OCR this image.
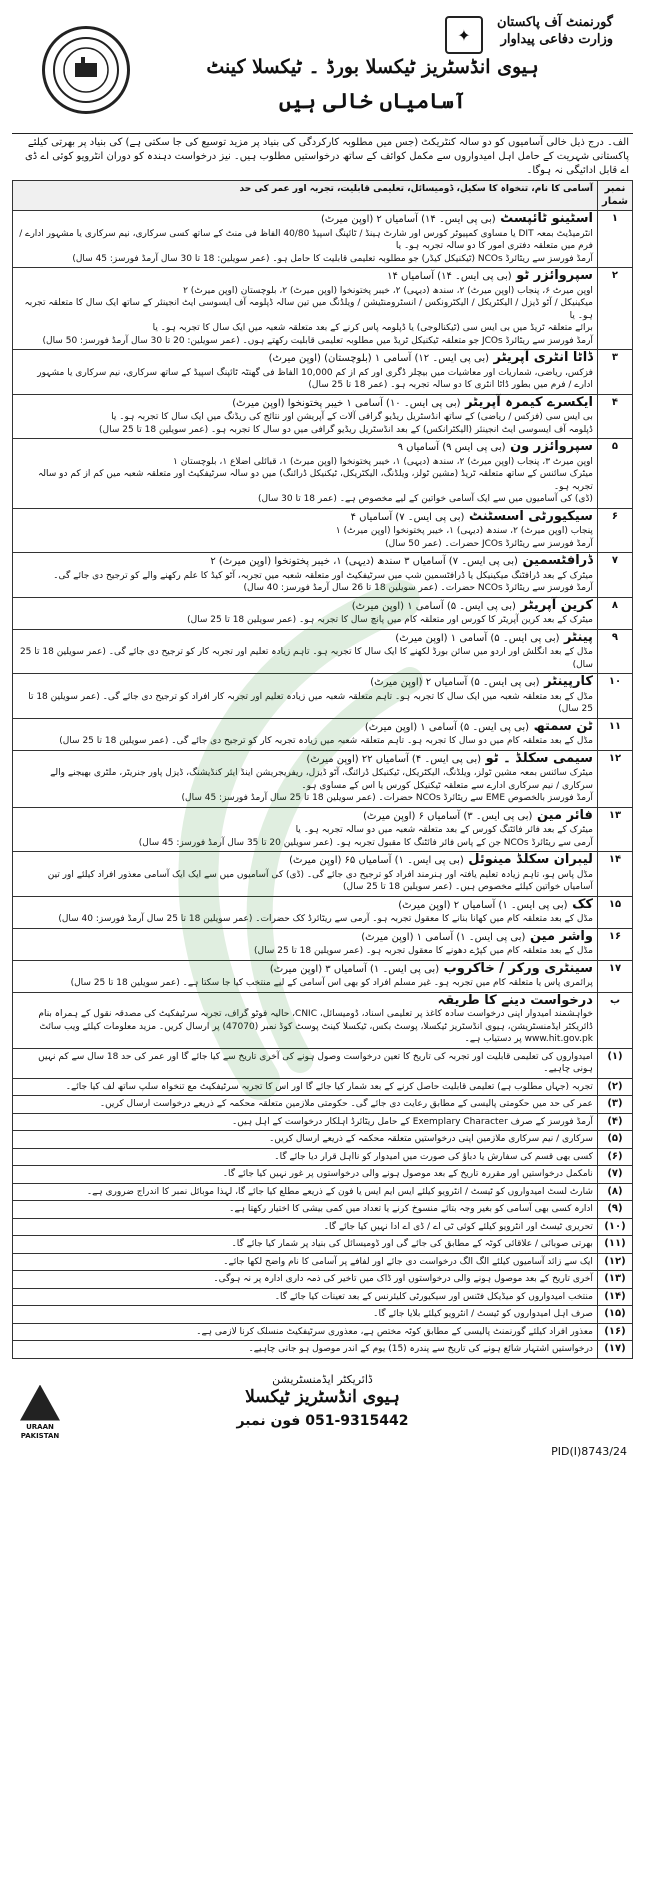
✦
گورنمنٹ آف پاکستان
وزارت دفاعی پیداوار
ہیوی انڈسٹریز ٹیکسلا بورڈ ۔ ٹیکسلا کینٹ
آسامیاں خالی ہیں
الف۔ درج ذیل خالی آسامیوں کو دو سالہ کنٹریکٹ (جس میں مطلوبہ کارکردگی کی بنیاد پر مزید توسیع کی جا سکتی ہے) کی بنیاد پر بھرتی کیلئے پاکستانی شہریت کے حامل اہل امیدواروں سے مکمل کوائف کے ساتھ درخواستیں مطلوب ہیں۔ نیز درخواست دہندہ کو دوران انٹرویو کوئی اے ڈی اے قابل ادائیگی نہ ہوگا۔
نمبر شمار	آسامی کا نام، تنخواہ کا سکیل، ڈومیسائل، تعلیمی قابلیت، تجربہ اور عمر کی حد
۱	اسٹینو ٹائپسٹ (بی پی ایس۔ ۱۴) آسامیاں ۲ (اوپن میرٹ)
انٹرمیڈیٹ بمعہ DIT یا مساوی کمپیوٹر کورس اور شارٹ ہینڈ / ٹائپنگ اسپیڈ 40/80 الفاظ فی منٹ کے ساتھ کسی سرکاری، نیم سرکاری یا مشہور ادارے / فرم میں متعلقہ دفتری امور کا دو سالہ تجربہ ہو۔ یا
آرمڈ فورسز سے ریٹائرڈ NCOs (ٹیکنیکل کیڈر) جو مطلوبہ تعلیمی قابلیت کا حامل ہو۔ (عمر سویلین: 18 تا 30 سال آرمڈ فورسز: 45 سال)

۲	سپروائزر ٹو (بی پی ایس۔ ۱۴) آسامیاں ۱۴
اوپن میرٹ ۶، پنجاب (اوپن میرٹ) ۲، سندھ (دیہی) ۲، خیبر پختونخوا (اوپن میرٹ) ۲، بلوچستان (اوپن میرٹ) ۲
میکینیکل / آٹو ڈیزل / الیکٹریکل / الیکٹرونکس / انسٹرومنٹیشن / ویلڈنگ میں تین سالہ ڈپلومہ آف ایسوسی ایٹ انجینئر کے ساتھ ایک سال کا متعلقہ تجربہ ہو۔ یا
برائے متعلقہ ٹریڈ میں بی ایس سی (ٹیکنالوجی) یا ڈپلومہ پاس کرنے کے بعد متعلقہ شعبہ میں ایک سال کا تجربہ ہو۔ یا
آرمڈ فورسز سے ریٹائرڈ JCOs جو متعلقہ ٹیکنیکل ٹریڈ میں مطلوبہ تعلیمی قابلیت رکھتے ہوں۔ (عمر سویلین: 20 تا 30 سال آرمڈ فورسز: 50 سال)

۳	ڈاٹا انٹری آپریٹر (بی پی ایس۔ ۱۲) آسامی ۱ (بلوچستان) (اوپن میرٹ)
فزکس، ریاضی، شماریات اور معاشیات میں بیچلر ڈگری اور کم از کم 10,000 الفاظ فی گھنٹہ ٹائپنگ اسپیڈ کے ساتھ سرکاری، نیم سرکاری یا مشہور ادارے / فرم میں بطور ڈاٹا انٹری کا دو سالہ تجربہ ہو۔ (عمر 18 تا 25 سال)

۴	ایکسرے کیمرہ آپریٹر (بی پی ایس۔ ۱۰) آسامی ۱ خیبر پختونخوا (اوپن میرٹ)
بی ایس سی (فزکس / ریاضی) کے ساتھ انڈسٹریل ریڈیو گرافی آلات کے آپریشن اور نتائج کی ریڈنگ میں ایک سال کا تجربہ ہو۔ یا
ڈپلومہ آف ایسوسی ایٹ انجینئر (الیکٹرانکس) کے بعد انڈسٹریل ریڈیو گرافی میں دو سال کا تجربہ ہو۔ (عمر سویلین 18 تا 25 سال)

۵	سپروائزر ون (بی پی ایس ۹) آسامیاں ۹
اوپن میرٹ ۳، پنجاب (اوپن میرٹ) ۲، سندھ (دیہی) ۱، خیبر پختونخوا (اوپن میرٹ) ۱، قبائلی اضلاع ۱، بلوچستان ۱
میٹرک سائنس کے ساتھ متعلقہ ٹریڈ (مشین ٹولز، ویلڈنگ، الیکٹریکل، ٹیکنیکل ڈرائنگ) میں دو سالہ سرٹیفکیٹ اور متعلقہ شعبہ میں کم از کم دو سالہ تجربہ ہو۔
(ڈی) کی آسامیوں میں سے ایک آسامی خواتین کے لیے مخصوص ہے۔ (عمر 18 تا 30 سال)

۶	سیکیورٹی اسسٹنٹ (بی پی ایس۔ ۷) آسامیاں ۴
پنجاب (اوپن میرٹ) ۲، سندھ (دیہی) ۱، خیبر پختونخوا (اوپن میرٹ) ۱
آرمڈ فورسز سے ریٹائرڈ JCOs حضرات۔ (عمر 50 سال)

۷	ڈرافٹسمین (بی پی ایس۔ ۷) آسامیاں ۳ سندھ (دیہی) ۱، خیبر پختونخوا (اوپن میرٹ) ۲
میٹرک کے بعد ڈرافٹنگ میکینیکل یا ڈرافٹسمین شپ میں سرٹیفکیٹ اور متعلقہ شعبہ میں تجربہ، آٹو کیڈ کا علم رکھنے والے کو ترجیح دی جائے گی۔
آرمڈ فورسز سے ریٹائرڈ NCOs حضرات۔ (عمر سویلین 18 تا 26 سال آرمڈ فورسز: 40 سال)

۸	کرین آپریٹر (بی پی ایس۔ ۵) آسامی ۱ (اوپن میرٹ)
میٹرک کے بعد کرین آپریٹر کا کورس اور متعلقہ کام میں پانچ سال کا تجربہ ہو۔ (عمر سویلین 18 تا 25 سال)

۹	پینٹر (بی پی ایس۔ ۵) آسامی ۱ (اوپن میرٹ)
مڈل کے بعد انگلش اور اردو میں سائن بورڈ لکھنے کا ایک سال کا تجربہ ہو۔ تاہم زیادہ تعلیم اور تجربہ کار کو ترجیح دی جائے گی۔ (عمر سویلین 18 تا 25 سال)

۱۰	کارپینٹر (بی پی ایس۔ ۵) آسامیاں ۲ (اوپن میرٹ)
مڈل کے بعد متعلقہ شعبہ میں ایک سال کا تجربہ ہو۔ تاہم متعلقہ شعبہ میں زیادہ تعلیم اور تجربہ کار افراد کو ترجیح دی جائے گی۔ (عمر سویلین 18 تا 25 سال)

۱۱	ٹن سمتھ (بی پی ایس۔ ۵) آسامی ۱ (اوپن میرٹ)
مڈل کے بعد متعلقہ کام میں دو سال کا تجربہ ہو۔ تاہم متعلقہ شعبہ میں زیادہ تجربہ کار کو ترجیح دی جائے گی۔ (عمر سویلین 18 تا 25 سال)

۱۲	سیمی سکلڈ ۔ ٹو (بی پی ایس۔ ۴) آسامیاں ۲۲ (اوپن میرٹ)
میٹرک سائنس بمعہ مشین ٹولز، ویلڈنگ، الیکٹریکل، ٹیکنیکل ڈرائنگ، آٹو ڈیزل، ریفریجریشن اینڈ ایئر کنڈیشنگ، ڈیزل پاور جنریٹر، ملٹری بھیجنے والے سرکاری / نیم سرکاری ادارے سے متعلقہ ٹیکنیکل کورس یا اس کے مساوی ہو۔
آرمڈ فورسز بالخصوص EME سے ریٹائرڈ NCOs حضرات۔ (عمر سویلین 18 تا 25 سال آرمڈ فورسز: 45 سال)

۱۳	فائر مین (بی پی ایس۔ ۳) آسامیاں ۶ (اوپن میرٹ)
میٹرک کے بعد فائر فائٹنگ کورس کے بعد متعلقہ شعبہ میں دو سالہ تجربہ ہو۔ یا
آرمی سے ریٹائرڈ NCOs جن کے پاس فائر فائٹنگ کا مقبول تجربہ ہو۔ (عمر سویلین 20 تا 35 سال آرمڈ فورسز: 45 سال)

۱۴	لیبران سکلڈ مینوئل (بی پی ایس۔ ۱) آسامیاں ۶۵ (اوپن میرٹ)
مڈل پاس ہو، تاہم زیادہ تعلیم یافتہ اور ہنرمند افراد کو ترجیح دی جائے گی۔ (ڈی) کی آسامیوں میں سے ایک ایک آسامی معذور افراد کیلئے اور تین آسامیاں خواتین کیلئے مخصوص ہیں۔ (عمر سویلین 18 تا 25 سال)

۱۵	کک (بی پی ایس۔ ۱) آسامیاں ۲ (اوپن میرٹ)
مڈل کے بعد متعلقہ کام میں کھانا بنانے کا معقول تجربہ ہو۔ آرمی سے ریٹائرڈ کک حضرات۔ (عمر سویلین 18 تا 25 سال آرمڈ فورسز: 40 سال)

۱۶	واشر مین (بی پی ایس۔ ۱) آسامی ۱ (اوپن میرٹ)
مڈل کے بعد متعلقہ کام میں کپڑے دھونے کا معقول تجربہ ہو۔ (عمر سویلین 18 تا 25 سال)

۱۷	سینٹری ورکر / خاکروب (بی پی ایس۔ ۱) آسامیاں ۳ (اوپن میرٹ)
پرائمری پاس یا متعلقہ کام میں تجربہ ہو۔ غیر مسلم افراد کو بھی اس آسامی کے لیے منتخب کیا جا سکتا ہے۔ (عمر سویلین 18 تا 25 سال)

ب	درخواست دینے کا طریقہ
خواہشمند امیدوار اپنی درخواست سادہ کاغذ پر تعلیمی اسناد، ڈومیسائل، CNIC، حالیہ فوٹو گراف، تجربہ سرٹیفکیٹ کی مصدقہ نقول کے ہمراہ بنام ڈائریکٹر ایڈمنسٹریشن، ہیوی انڈسٹریز ٹیکسلا، پوسٹ بکس، ٹیکسلا کینٹ پوسٹ کوڈ نمبر (47070) پر ارسال کریں۔ مزید معلومات کیلئے ویب سائٹ www.hit.gov.pk پر دستیاب ہے۔

(۱)	امیدواروں کی تعلیمی قابلیت اور تجربہ کی تاریخ کا تعین درخواست وصول ہونے کی آخری تاریخ سے کیا جائے گا اور عمر کی حد 18 سال سے کم نہیں ہونی چاہیے۔
(۲)	تجربہ (جہاں مطلوب ہے) تعلیمی قابلیت حاصل کرنے کے بعد شمار کیا جائے گا اور اس کا تجربہ سرٹیفکیٹ مع تنخواہ سلپ ساتھ لف کیا جائے۔
(۳)	عمر کی حد میں حکومتی پالیسی کے مطابق رعایت دی جائے گی۔ حکومتی ملازمین متعلقہ محکمہ کے ذریعے درخواست ارسال کریں۔
(۴)	آرمڈ فورسز کے صرف Exemplary Character کے حامل ریٹائرڈ اہلکار درخواست کے اہل ہیں۔
(۵)	سرکاری / نیم سرکاری ملازمین اپنی درخواستیں متعلقہ محکمہ کے ذریعے ارسال کریں۔
(۶)	کسی بھی قسم کی سفارش یا دباؤ کی صورت میں امیدوار کو نااہل قرار دیا جائے گا۔
(۷)	نامکمل درخواستیں اور مقررہ تاریخ کے بعد موصول ہونے والی درخواستوں پر غور نہیں کیا جائے گا۔
(۸)	شارٹ لسٹ امیدواروں کو ٹیسٹ / انٹرویو کیلئے ایس ایم ایس یا فون کے ذریعے مطلع کیا جائے گا، لہذا موبائل نمبر کا اندراج ضروری ہے۔
(۹)	ادارہ کسی بھی آسامی کو بغیر وجہ بتائے منسوخ کرنے یا تعداد میں کمی بیشی کا اختیار رکھتا ہے۔
(۱۰)	تحریری ٹیسٹ اور انٹرویو کیلئے کوئی ٹی اے / ڈی اے ادا نہیں کیا جائے گا۔
(۱۱)	بھرتی صوبائی / علاقائی کوٹہ کے مطابق کی جائے گی اور ڈومیسائل کی بنیاد پر شمار کیا جائے گا۔
(۱۲)	ایک سے زائد آسامیوں کیلئے الگ الگ درخواست دی جائے اور لفافے پر آسامی کا نام واضح لکھا جائے۔
(۱۳)	آخری تاریخ کے بعد موصول ہونے والی درخواستوں اور ڈاک میں تاخیر کی ذمہ داری ادارہ پر نہ ہوگی۔
(۱۴)	منتخب امیدواروں کو میڈیکل فٹنس اور سیکیورٹی کلیئرنس کے بعد تعینات کیا جائے گا۔
(۱۵)	صرف اہل امیدواروں کو ٹیسٹ / انٹرویو کیلئے بلایا جائے گا۔
(۱۶)	معذور افراد کیلئے گورنمنٹ پالیسی کے مطابق کوٹہ مختص ہے، معذوری سرٹیفکیٹ منسلک کرنا لازمی ہے۔
(۱۷)	درخواستیں اشتہار شائع ہونے کی تاریخ سے پندرہ (15) یوم کے اندر موصول ہو جانی چاہیے۔
URAAN
PAKISTAN
ڈائریکٹر ایڈمنسٹریشن
ہیوی انڈسٹریز ٹیکسلا
051-9315442 فون نمبر
PID(I)8743/24
